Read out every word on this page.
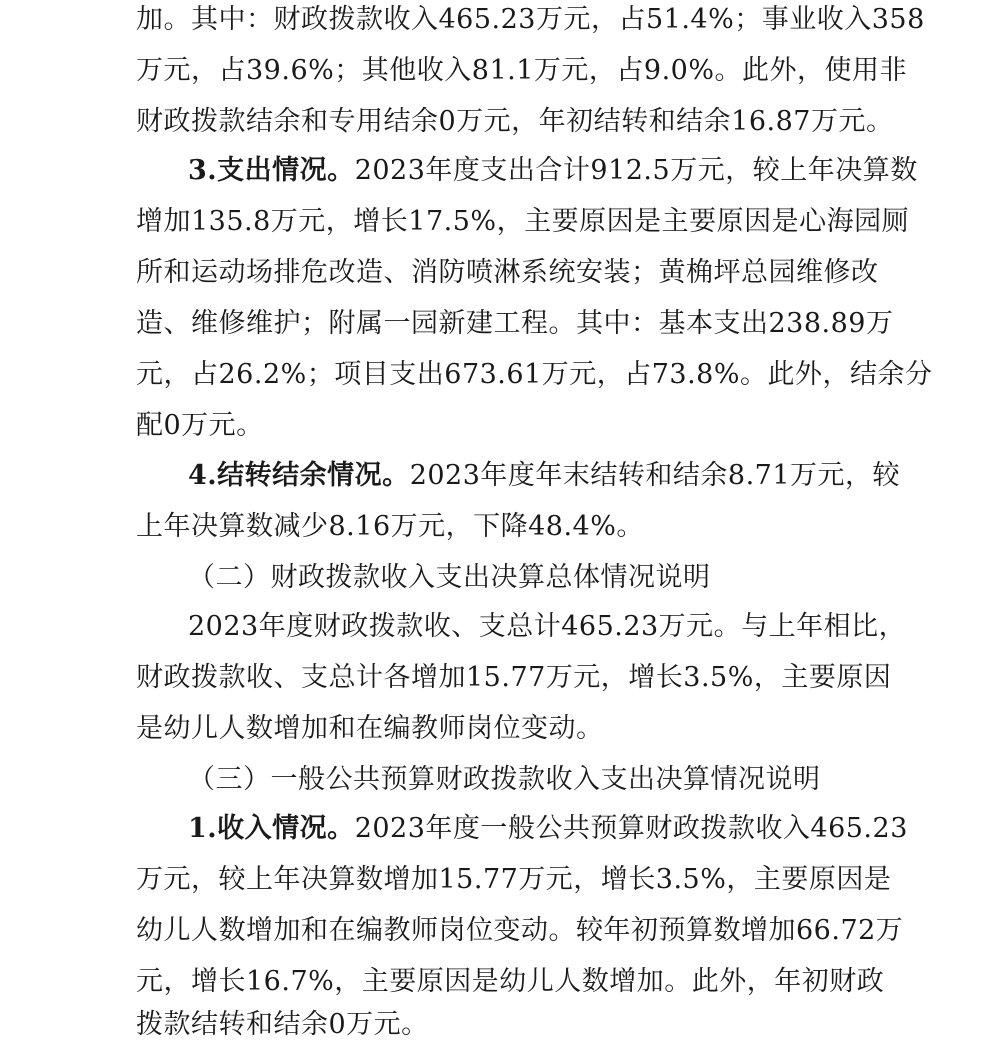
加。其中：财政拨款收入465.23万元，占51.4%；事业收入358
万元，占39.6%；其他收入81.1万元，占9.0%。此外，使用非
财政拨款结余和专用结余0万元，年初结转和结余16.87万元。
3.支出情况。2023年度支出合计912.5万元，较上年决算数
增加135.8万元，增长17.5%，主要原因是主要原因是心海园厕
所和运动场排危改造、消防喷淋系统安装；黄桷坪总园维修改
造、维修维护；附属一园新建工程。其中：基本支出238.89万
元，占26.2%；项目支出673.61万元，占73.8%。此外，结余分
配0万元。
4.结转结余情况。2023年度年末结转和结余8.71万元，较
上年决算数减少8.16万元，下降48.4%。
（二）财政拨款收入支出决算总体情况说明
2023年度财政拨款收、支总计465.23万元。与上年相比，
财政拨款收、支总计各增加15.77万元，增长3.5%，主要原因
是幼儿人数增加和在编教师岗位变动。
（三）一般公共预算财政拨款收入支出决算情况说明
1.收入情况。2023年度一般公共预算财政拨款收入465.23
万元，较上年决算数增加15.77万元，增长3.5%，主要原因是
幼儿人数增加和在编教师岗位变动。较年初预算数增加66.72万
元，增长16.7%，主要原因是幼儿人数增加。此外，年初财政
拨款结转和结余0万元。
